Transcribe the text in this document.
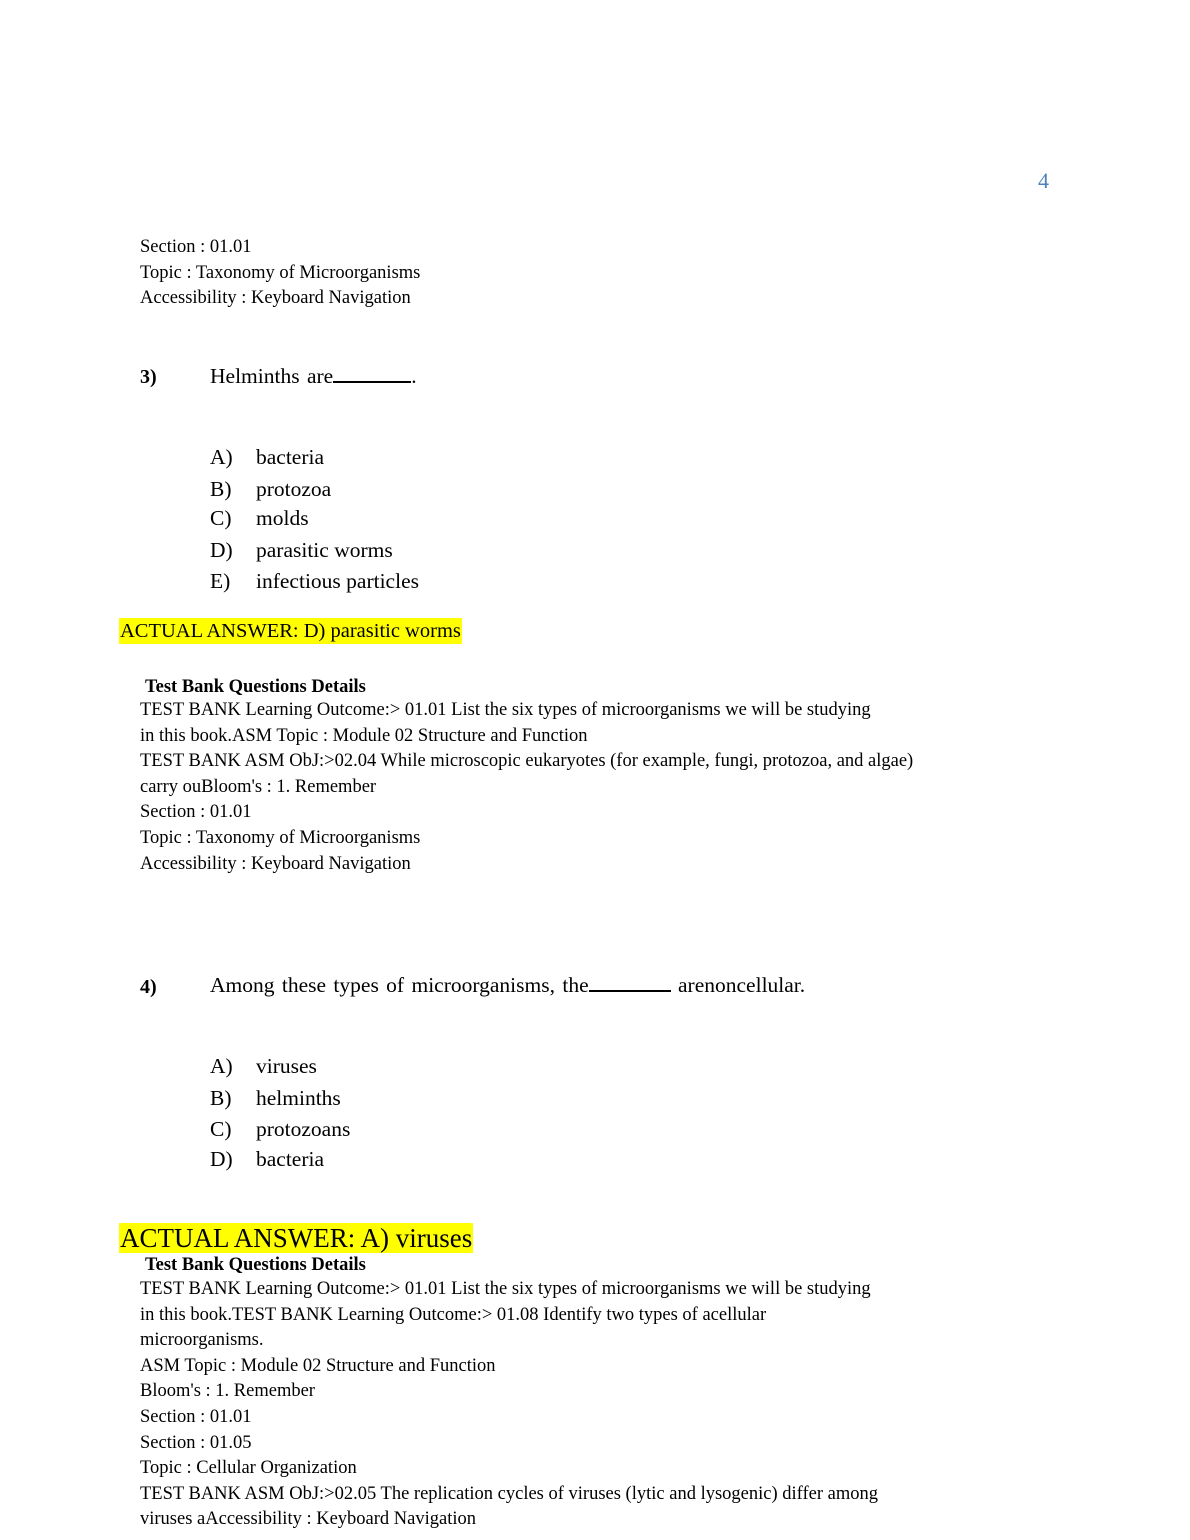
4
Section : 01.01
Topic : Taxonomy of Microorganisms
Accessibility : Keyboard Navigation
3) Helminths are	.
A) bacteria
B) protozoa
C) molds
D) parasitic worms
E) infectious particles
ACTUAL ANSWER: D) parasitic worms
Test Bank Questions Details
TEST BANK Learning Outcome:> 01.01 List the six types of microorganisms we will be studying
in this book.ASM Topic : Module 02 Structure and Function
TEST BANK ASM ObJ:>02.04 While microscopic eukaryotes (for example, fungi, protozoa, and algae)
carry ouBloom's : 1. Remember
Section : 01.01
Topic : Taxonomy of Microorganisms
Accessibility : Keyboard Navigation
4) Among these types of microorganisms, the	arenoncellular.
A) viruses
B) helminths
C) protozoans
D) bacteria
ACTUAL ANSWER: A) viruses
Test Bank Questions Details
TEST BANK Learning Outcome:> 01.01 List the six types of microorganisms we will be studying
in this book.TEST BANK Learning Outcome:> 01.08 Identify two types of acellular
microorganisms.
ASM Topic : Module 02 Structure and Function
Bloom's : 1. Remember
Section : 01.01
Section : 01.05
Topic : Cellular Organization
TEST BANK ASM ObJ:>02.05 The replication cycles of viruses (lytic and lysogenic) differ among
viruses aAccessibility : Keyboard Navigation
